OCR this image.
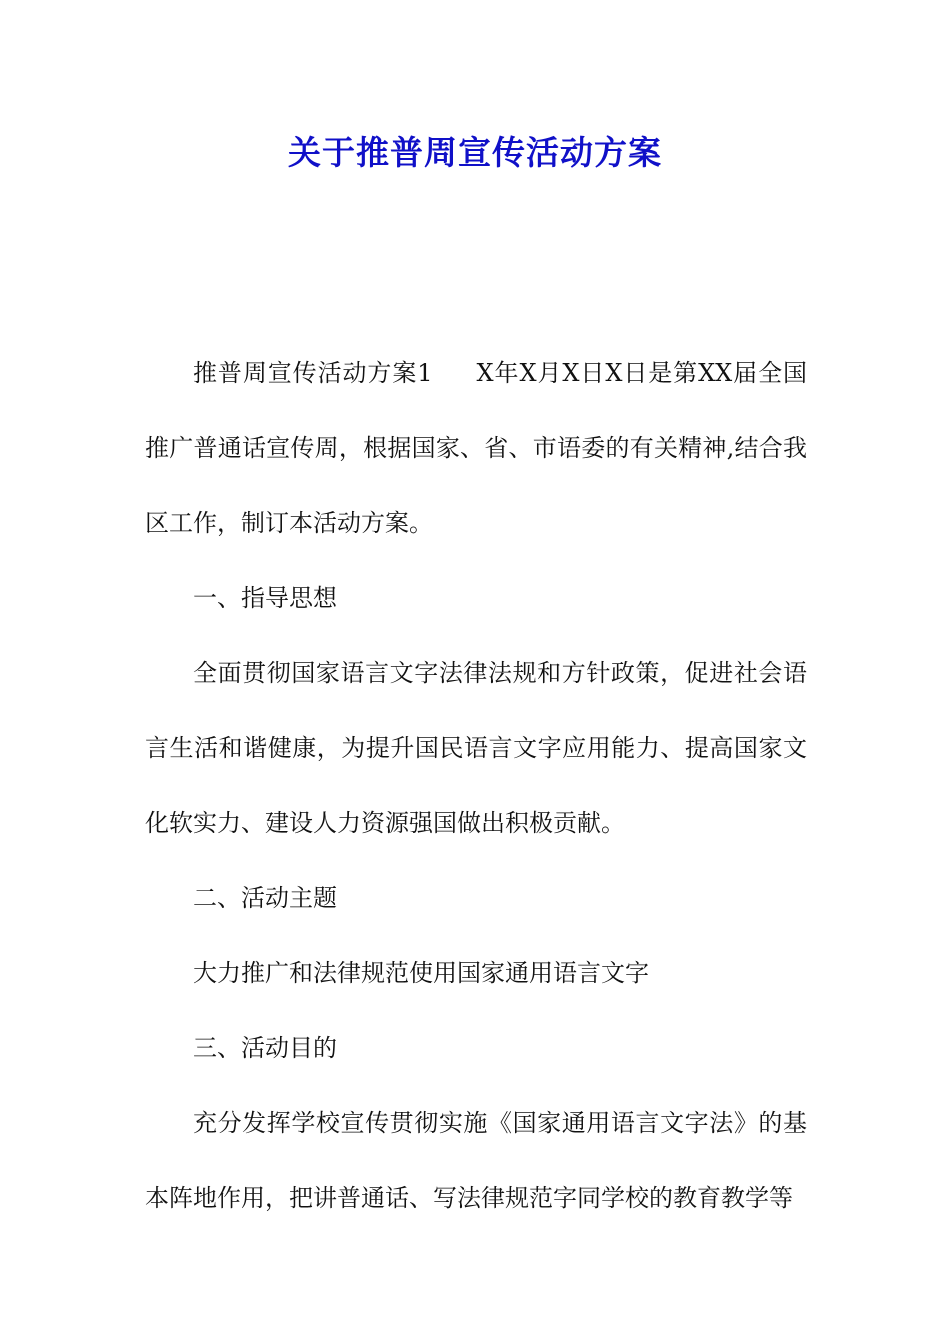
关于推普周宣传活动方案

推普周宣传活动方案1 X年X月X日X日是第XX届全国推广普通话宣传周，根据国家、省、市语委的有关精神,结合我区工作，制订本活动方案。

一、指导思想

全面贯彻国家语言文字法律法规和方针政策，促进社会语言生活和谐健康，为提升国民语言文字应用能力、提高国家文化软实力、建设人力资源强国做出积极贡献。

二、活动主题

大力推广和法律规范使用国家通用语言文字

三、活动目的

充分发挥学校宣传贯彻实施《国家通用语言文字法》的基本阵地作用，把讲普通话、写法律规范字同学校的教育教学等
